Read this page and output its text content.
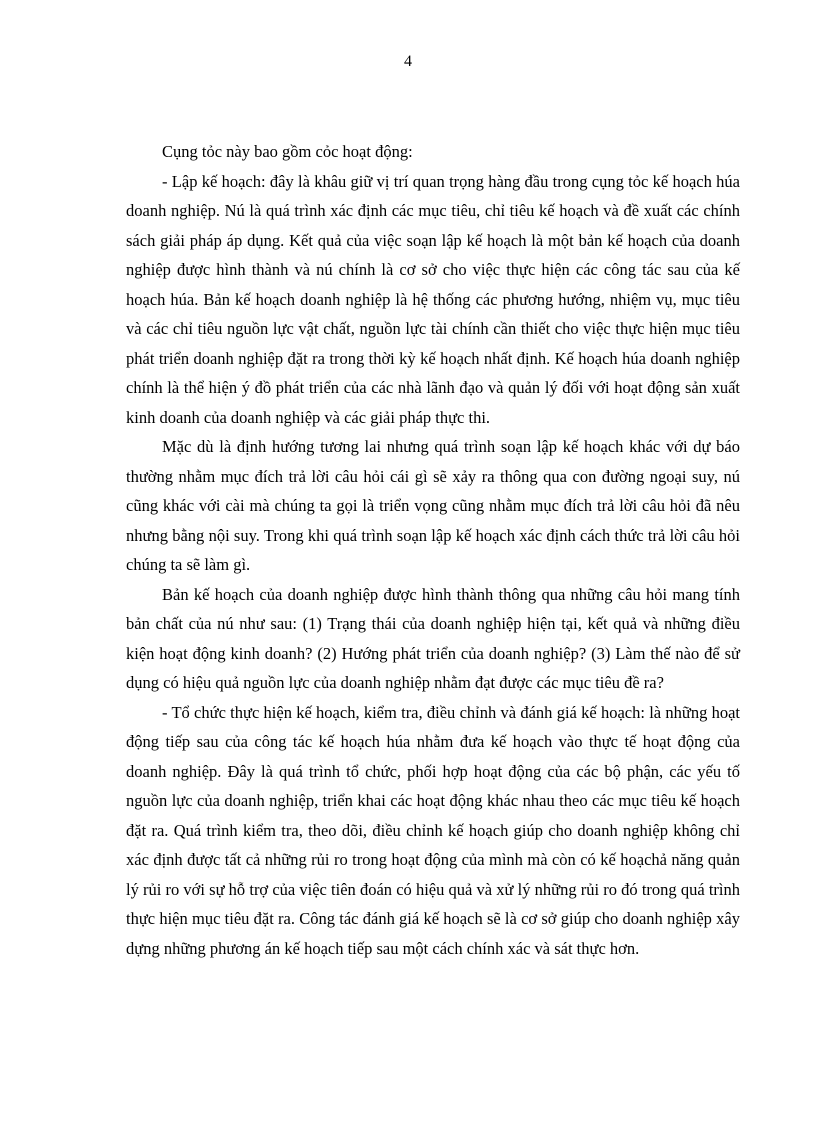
4

Cụng tỏc này bao gồm cỏc hoạt động:

- Lập kế hoạch: đây là khâu giữ vị trí quan trọng hàng đầu trong cụng tỏc kế hoạch húa doanh nghiệp. Nú là quá trình xác định các mục tiêu, chỉ tiêu kế hoạch và đề xuất các chính sách giải pháp áp dụng. Kết quả của việc soạn lập kế hoạch là một bản kế hoạch của doanh nghiệp được hình thành và nú chính là cơ sở cho việc thực hiện các công tác sau của kế hoạch húa. Bản kế hoạch doanh nghiệp là hệ thống các phương hướng, nhiệm vụ, mục tiêu và các chỉ tiêu nguồn lực vật chất, nguồn lực tài chính cần thiết cho việc thực hiện mục tiêu phát triển doanh nghiệp đặt ra trong thời kỳ kế hoạch nhất định. Kế hoạch húa doanh nghiệp chính là thể hiện ý đồ phát triển của các nhà lãnh đạo và quản lý đối với hoạt động sản xuất kinh doanh của doanh nghiệp và các giải pháp thực thi.

Mặc dù là định hướng tương lai nhưng quá trình soạn lập kế hoạch khác với dự báo thường nhằm mục đích trả lời câu hỏi cái gì sẽ xảy ra thông qua con đường ngoại suy, nú cũng khác với cài mà chúng ta gọi là triển vọng cũng nhằm mục đích trả lời câu hỏi đã nêu nhưng bằng nội suy. Trong khi quá trình soạn lập kế hoạch xác định cách thức trả lời câu hỏi chúng ta sẽ làm gì.

Bản kế hoạch của doanh nghiệp được hình thành thông qua những câu hỏi mang tính bản chất của nú như sau: (1) Trạng thái của doanh nghiệp hiện tại, kết quả và những điều kiện hoạt động kinh doanh? (2) Hướng phát triển của doanh nghiệp? (3) Làm thế nào để sử dụng có hiệu quả nguồn lực của doanh nghiệp nhằm đạt được các mục tiêu đề ra?

- Tổ chức thực hiện kế hoạch, kiểm tra, điều chỉnh và đánh giá kế hoạch: là những hoạt động tiếp sau của công tác kế hoạch húa nhằm đưa kế hoạch vào thực tế hoạt động của doanh nghiệp. Đây là quá trình tổ chức, phối hợp hoạt động của các bộ phận, các yếu tố nguồn lực của doanh nghiệp, triển khai các hoạt động khác nhau theo các mục tiêu kế hoạch đặt ra. Quá trình kiểm tra, theo dõi, điều chỉnh kế hoạch giúp cho doanh nghiệp không chỉ xác định được tất cả những rủi ro trong hoạt động của mình mà còn có kế hoạchả năng quản lý rủi ro với sự hỗ trợ của việc tiên đoán có hiệu quả và xử lý những rủi ro đó trong quá trình thực hiện mục tiêu đặt ra. Công tác đánh giá kế hoạch sẽ là cơ sở giúp cho doanh nghiệp xây dựng những phương án kế hoạch tiếp sau một cách chính xác và sát thực hơn.
